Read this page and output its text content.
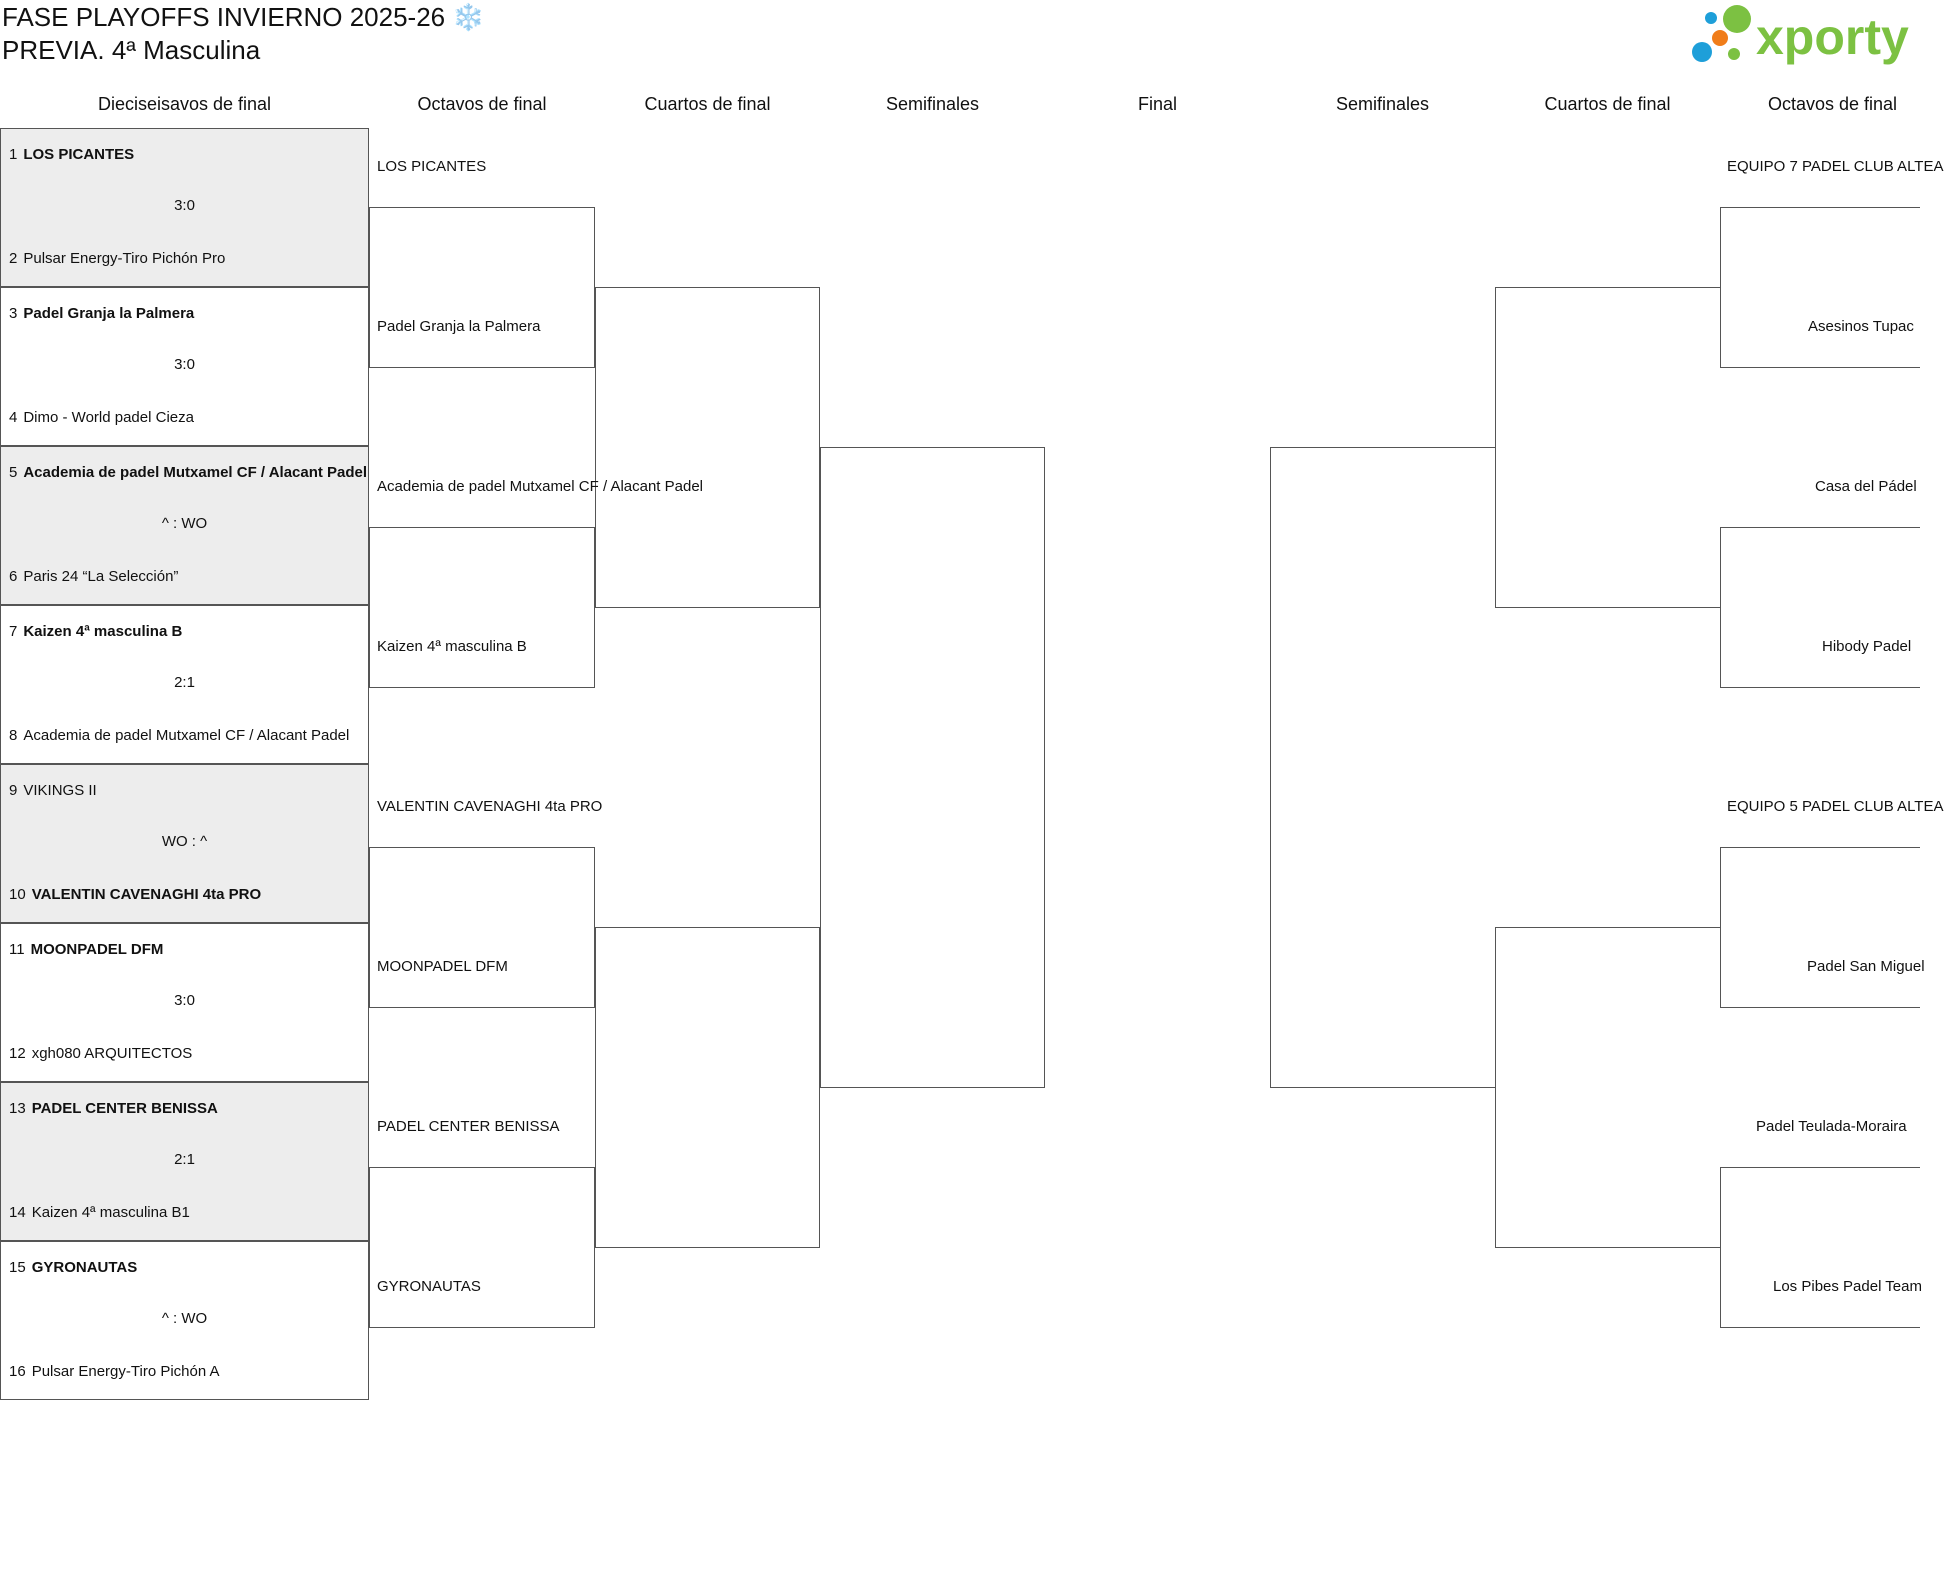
FASE PLAYOFFS INVIERNO 2025-26 ❄️
PREVIA. 4ª Masculina	xporty
Dieciseisavos de final	Octavos de final	Cuartos de final	Semifinales	Final	Semifinales	Cuartos de final	Octavos de final
1 LOS PICANTES
3:0
2 Pulsar Energy-Tiro Pichón Pro
3 Padel Granja la Palmera
3:0
4 Dimo - World padel Cieza
5 Academia de padel Mutxamel CF / Alacant Padel
^ : WO
6 Paris 24 “La Selección”
7 Kaizen 4ª masculina B
2:1
8 Academia de padel Mutxamel CF / Alacant Padel
9 VIKINGS II
WO : ^
10 VALENTIN CAVENAGHI 4ta PRO
11 MOONPADEL DFM
3:0
12 xgh080 ARQUITECTOS
13 PADEL CENTER BENISSA
2:1
14 Kaizen 4ª masculina B1
15 GYRONAUTAS
^ : WO
16 Pulsar Energy-Tiro Pichón A
LOS PICANTES
Padel Granja la Palmera
Academia de padel Mutxamel CF / Alacant Padel
Kaizen 4ª masculina B
VALENTIN CAVENAGHI 4ta PRO
MOONPADEL DFM
PADEL CENTER BENISSA
GYRONAUTAS
EQUIPO 7 PADEL CLUB ALTEA
Asesinos Tupac
Casa del Pádel
Hibody Padel
EQUIPO 5 PADEL CLUB ALTEA
Padel San Miguel
Padel Teulada-Moraira
Los Pibes Padel Team
